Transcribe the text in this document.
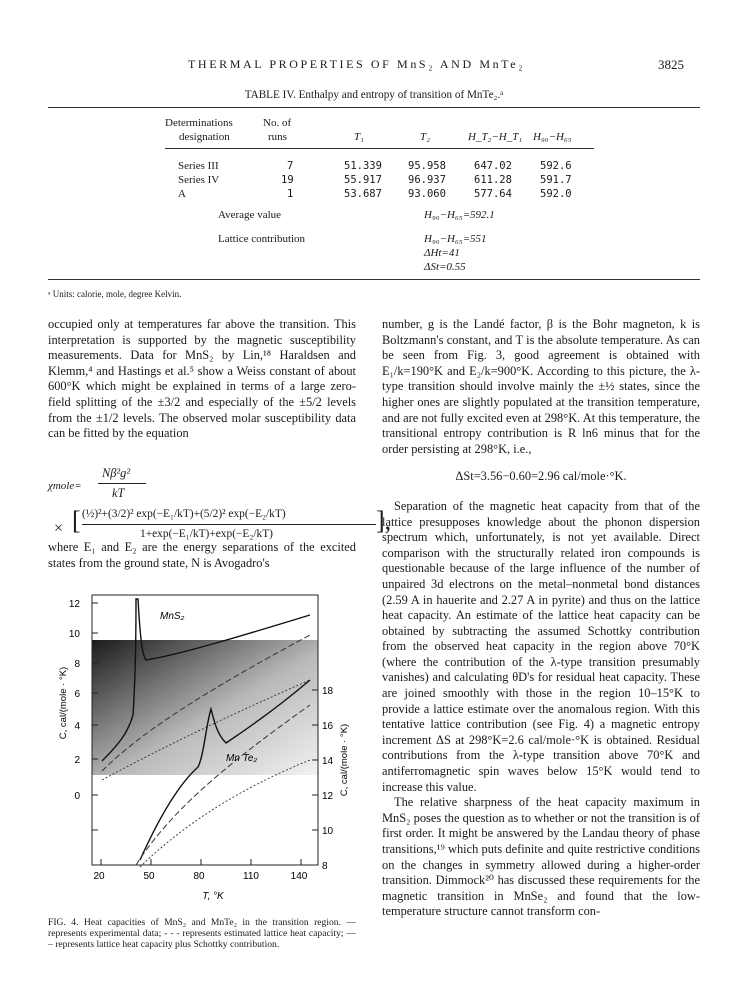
THERMAL PROPERTIES OF MnS₂ AND MnTe₂	3825
TABLE IV. Enthalpy and entropy of transition of MnTe₂.ᵃ
Determinations
designation
No. of
runs	T₁	T₂	H_T₂−H_T₁ H₉₀−H₆₅
Series III	7	51.339 95.958	647.02	592.6
Series IV	19	55.917 96.937	611.28	591.7
A	1	53.687 93.060	577.64	592.0
Average value	H₉₀−H₆₅=592.1
Lattice contribution	H₉₀−H₆₅=551
ΔHt=41
ΔSt=0.55
ᵃ Units: calorie, mole, degree Kelvin.

occupied only at temperatures far above the transition. This interpretation is supported by the magnetic susceptibility measurements. Data for MnS₂ by Lin,¹⁸ Haraldsen and Klemm,⁴ and Hastings et al.⁵ show a Weiss constant of about 600°K which might be explained in terms of a large zero-field splitting of the ±3/2 and especially of the ±5/2 levels from the ±1/2 levels. The observed molar susceptibility data can be fitted by the equation

χmole=
Nβ²g²
kT
× [ (½)²+(3/2)² exp(−E₁/kT)+(5/2)² exp(−E₂/kT)
1+exp(−E₁/kT)+exp(−E₂/kT)	],

where E₁ and E₂ are the energy separations of the excited states from the ground state, N is Avogadro's

12
10
8
6
4
2
0
18
16
14
12
10
8
20	50	80	110	140
T, °K
C, cal/(mole · °K)
C, cal/(mole · °K)
MnS₂
Mn Te₂
FIG. 4. Heat capacities of MnS₂ and MnTe₂ in the transition region. — represents experimental data; - - - represents estimated lattice heat capacity; — – represents lattice heat capacity plus Schottky contribution.

number, g is the Landé factor, β is the Bohr magneton, k is Boltzmann's constant, and T is the absolute temperature. As can be seen from Fig. 3, good agreement is obtained with E₁/k=190°K and E₂/k=900°K. According to this picture, the λ-type transition should involve mainly the ±½ states, since the higher ones are slightly populated at the transition temperature, and are not fully excited even at 298°K. At this temperature, the transitional entropy contribution is R ln6 minus that for the order persisting at 298°K, i.e.,

ΔSt=3.56−0.60=2.96 cal/mole·°K.

Separation of the magnetic heat capacity from that of the lattice presupposes knowledge about the phonon dispersion spectrum which, unfortunately, is not yet available. Direct comparison with the structurally related iron compounds is questionable because of the large influence of the number of unpaired 3d electrons on the metal–nonmetal bond distances (2.59 A in hauerite and 2.27 A in pyrite) and thus on the lattice heat capacity. An estimate of the lattice heat capacity can be obtained by subtracting the assumed Schottky contribution from the observed heat capacity in the region above 70°K (where the contribution of the λ-type transition presumably vanishes) and calculating θD's for residual heat capacity. These are joined smoothly with those in the region 10–15°K to provide a lattice estimate over the anomalous region. With this tentative lattice contribution (see Fig. 4) a magnetic entropy increment ΔS at 298°K=2.6 cal/mole·°K is obtained. Residual contributions from the λ-type transition above 70°K and antiferromagnetic spin waves below 15°K would tend to increase this value.

The relative sharpness of the heat capacity maximum in MnS₂ poses the question as to whether or not the transition is of first order. It might be answered by the Landau theory of phase transitions,¹⁹ which puts definite and quite restrictive conditions on the changes in symmetry allowed during a higher-order transition. Dimmock²⁰ has discussed these requirements for the magnetic transition in MnSe₂ and found that the low-temperature structure cannot transform con-
